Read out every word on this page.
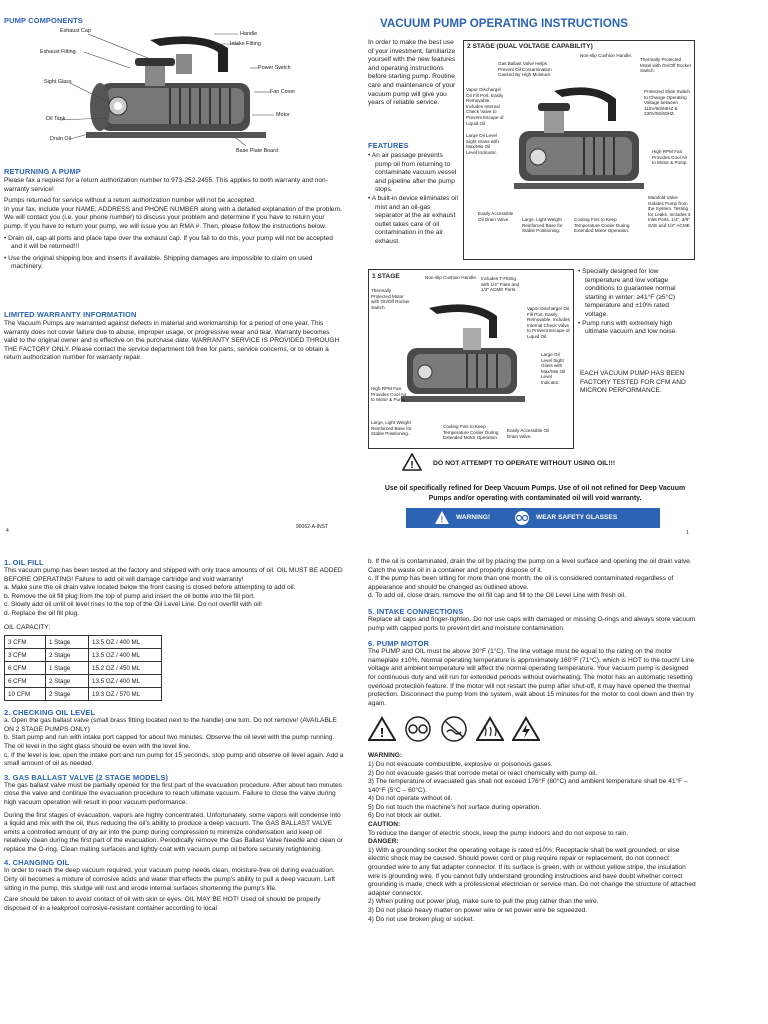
PUMP COMPONENTS
Exhaust Cap	Handle
Intake Fitting
Exhaust Fitting
Power Switch
Sight Glass
Fan Cover
Oil Tank
Motor
Drain Oil
Base Plate Board
VACUUM PUMP OPERATING INSTRUCTIONS
In order to make the best use of your investment, familiarize yourself with the new features and operating instructions before starting pump. Routine care and maintenance of your vacuum pump will give you years of reliable service.
FEATURES
• An air passage prevents pump oil from returning to contaminate vacuum vessel and pipeline after the pump stops.
• A built-in device eliminates oil mist and an oil-gas separator at the air exhaust outlet takes care of oil contamination in the air exhaust.
2 STAGE (DUAL VOLTAGE CAPABILITY)
Non-slip Cushion Handle.
Gas Ballast Valve Helps Prevent Oil Contamination Caused By High Moisture.
Thermally Protected Motel with On/Off Rocker Switch.
Vapor Discharge/ Oil Fill Port. Easily Removable. Includes Internal Check Valve to Prevent Escape of Liquid Oil.
Protected Slide Switch to Change Operating Voltage between 115V/60/60HZ & 230V/50/60HZ.
Large Oil Level Sight Glass with Max/Min Oil Level Indicator.	High RPM Fan Provides Cool Air to Motor & Pump.
Manifold Valve Isolates Pump from the System. Testing for Leaks. Includes 3 Inlet Ports. 1/4", 3/8" SAE and 1/2" ACME.
Easily Accessible Oil Drain Valve.	Large, Light Weight Reinforced Base for Stable Positioning.
Cooling Fins to Keep Temperature Cooler During Extended Motor Operation.
1 STAGE	Non-slip Cushion Handle. Includes T-Fitting with 1/4" Flare and 1/2" ACME Ports.
Thermally Protected Motor with On/Off Rocker Switch.	Vapor Discharge/ Oil Fill Port. Easily Removable. Includes Internal Check Valve to Prevent Escape of Liquid Oil.
Large Oil Level Sight Glass with Max/Min Oil Level Indicator.
High RPM Fan Provides Cool Air to Motor & Pump.
Large, Light Weight Reinforced Base for Stable Positioning.
Cooling Fins to Keep Temperature Cooler During Extended Motor Operation.
Easily Accessible Oil Drain Valve.
• Specially designed for low temperature and low voltage conditions to guarantee normal starting in winter; ≥41°F (≥5°C) temperature and ±10% rated voltage.
• Pump runs with extremely high ultimate vacuum and low noise.
EACH VACUUM PUMP HAS BEEN FACTORY TESTED FOR CFM AND MICRON PERFORMANCE.
RETURNING A PUMP

Please fax a request for a return authorization number to 973-252-2455. This applies to both warranty and non-warranty service!

Pumps returned for service without a return authorization number will not be accepted.

In your fax, include your NAME, ADDRESS and PHONE NUMBER along with a detailed explanation of the problem. We will contact you (i.e. your phone number) to discuss your problem and determine if you have to return your pump. If you have to return your pump, we will issue you an RMA #. Then, please follow the instructions below.

• Drain oil, cap all ports and place tape over the exhaust cap. If you fail to do this, your pump will not be accepted and it will be returned!!!
• Use the original shipping box and inserts if available. Shipping damages are impossible to claim on used machinery.
LIMITED WARRANTY INFORMATION
The Vacuum Pumps are warranted against defects in material and workmanship for a period of one year. This warranty does not cover failure due to abuse, improper usage, or progressive wear and tear. Warranty becomes valid to the original owner and is effective on the purchase date. WARRANTY SERVICE IS PROVIDED THROUGH THE FACTORY ONLY. Please contact the service department toll free for parts, service concerns, or to obtain a return authorization number for warranty repair.
!	DO NOT ATTEMPT TO OPERATE WITHOUT USING OIL!!!
Use oil specifically refined for Deep Vacuum Pumps. Use of oil not refined for Deep Vacuum Pumps and/or operating with contaminated oil will void warranty.
! WARNING!	WEAR SAFETY GLASSES
4
90062-A-INST
1
1. OIL FILL
This vacuum pump has been tested at the factory and shipped with only trace amounts of oil. OIL MUST BE ADDED BEFORE OPERATING! Failure to add oil will damage cartridge and void warranty!
a. Make sure the oil drain valve located below the front casing is closed before attempting to add oil.
b. Remove the oil fill plug from the top of pump and insert the oil bottle into the fill port.
c. Slowly add oil until oil level rises to the top of the Oil Level Line. Do not overfill with oil!
d. Replace the oil fill plug.
OIL CAPACITY:
3 CFM	1 Stage	13.5 OZ / 400 ML
3 CFM	2 Stage	13.5 OZ / 400 ML
6 CFM	1 Stage	15.2 OZ / 450 ML
6 CFM	2 Stage	13.5 OZ / 400 ML
10 CFM	2 Stage	19.3 OZ / 570 ML
2. CHECKING OIL LEVEL
a. Open the gas ballast valve (small brass fitting located next to the handle) one turn. Do not remove! (AVAILABLE ON 2 STAGE PUMPS ONLY)
b. Start pump and run with intake port capped for about two minutes. Observe the oil level with the pump running. The oil level in the sight glass should be even with the level line.
c. If the level is low, open the intake port and run pump for 15 seconds, stop pump and observe oil level again. Add a small amount of oil as needed.
3. GAS BALLAST VALVE (2 STAGE MODELS)
The gas ballast valve must be partially opened for the first part of the evacuation procedure. After about two minutes close the valve and continue the evacuation procedure to reach ultimate vacuum. Failure to close the valve during high vacuum operation will result in poor vacuum performance.
During the first stages of evacuation, vapors are highly concentrated. Unfortunately, some vapors will condense into a liquid and mix with the oil, thus reducing the oil's ability to produce a deep vacuum. The GAS BALLAST VALVE emits a controlled amount of dry air into the pump during compression to minimize condensation and keep oil relatively clean during the first part of the evacuation. Periodically remove the Gas Ballast Valve Needle and clean or replace the O-ring. Clean mating surfaces and lightly coat with vacuum pump oil before securely retightening.
4. CHANGING OIL
In order to reach the deep vacuum required, your vacuum pump needs clean, moisture-free oil during evacuation. Dirty oil becomes a mixture of corrosive acids and water that effects the pump's ability to pull a deep vacuum. Left sitting in the pump, this sludge will rust and erode internal surfaces shortening the pump's life.
Care should be taken to avoid contact of oil with skin or eyes. OIL MAY BE HOT! Used oil should be properly disposed of in a leakproof corrosive-resistant container according to local
b. If the oil is contaminated, drain the oil by placing the pump on a level surface and opening the oil drain valve. Catch the waste oil in a container and properly dispose of it.
c. If the pump has been sitting for more than one month, the oil is considered contaminated regardless of appearance and should be changed as outlined above.
d. To add oil, close drain, remove the oil fill cap and fill to the Oil Level Line with fresh oil.
5. INTAKE CONNECTIONS
Replace all caps and finger-tighten. Do not use caps with damaged or missing O-rings and always store vacuum pump with capped ports to prevent dirt and moisture contamination.
6. PUMP MOTOR
The PUMP and OIL must be above 30°F (1°C). The line voltage must be equal to the rating on the motor nameplate ±10%. Normal operating temperature is approximately 160°F (71°C), which is HOT to the touch! Line voltage and ambient temperature will affect the normal operating temperature. Your vacuum pump is designed for continuous duty and will run for extended periods without overheating. The motor has an automatic resetting overload protection feature. If the motor will not restart the pump after shut-off, it may have opened the thermal protection. Disconnect the pump from the system, wait about 15 minutes for the motor to cool down and then try again.
!
WARNING:
1) Do not evacuate combustible, explosive or poisonous gases.
2) Do not evacuate gases that corrode metal or react chemically with pump oil.
3) The temperature of evacuated gas shall not exceed 176°F (80°C) and ambient temperature shall be 41°F – 140°F (5°C – 60°C).
4) Do not operate without oil.
5) Do not touch the machine's hot surface during operation.
6) Do not block air outlet.
CAUTION:
To reduce the danger of electric shock, keep the pump indoors and do not expose to rain.
DANGER:
1) With a grounding socket the operating voltage is rated ±10%; Receptacle shall be well grounded, or else electric shock may be caused. Should power cord or plug require repair or replacement, do not connect grounded wire to any flat adapter connector. If its surface is green, with or without yellow stripe, the insulation wire is grounding wire. If you cannot fully understand grounding instructions and have doubt whether correct grounding is made, check with a professional electrician or service man. Do not change the structure of attached adapter connector.
2) When pulling out power plug, make sure to pull the plug rather than the wire.
3) Do not place heavy matter on power wire or let power wire be squeezed.
4) Do not use broken plug or socket.
